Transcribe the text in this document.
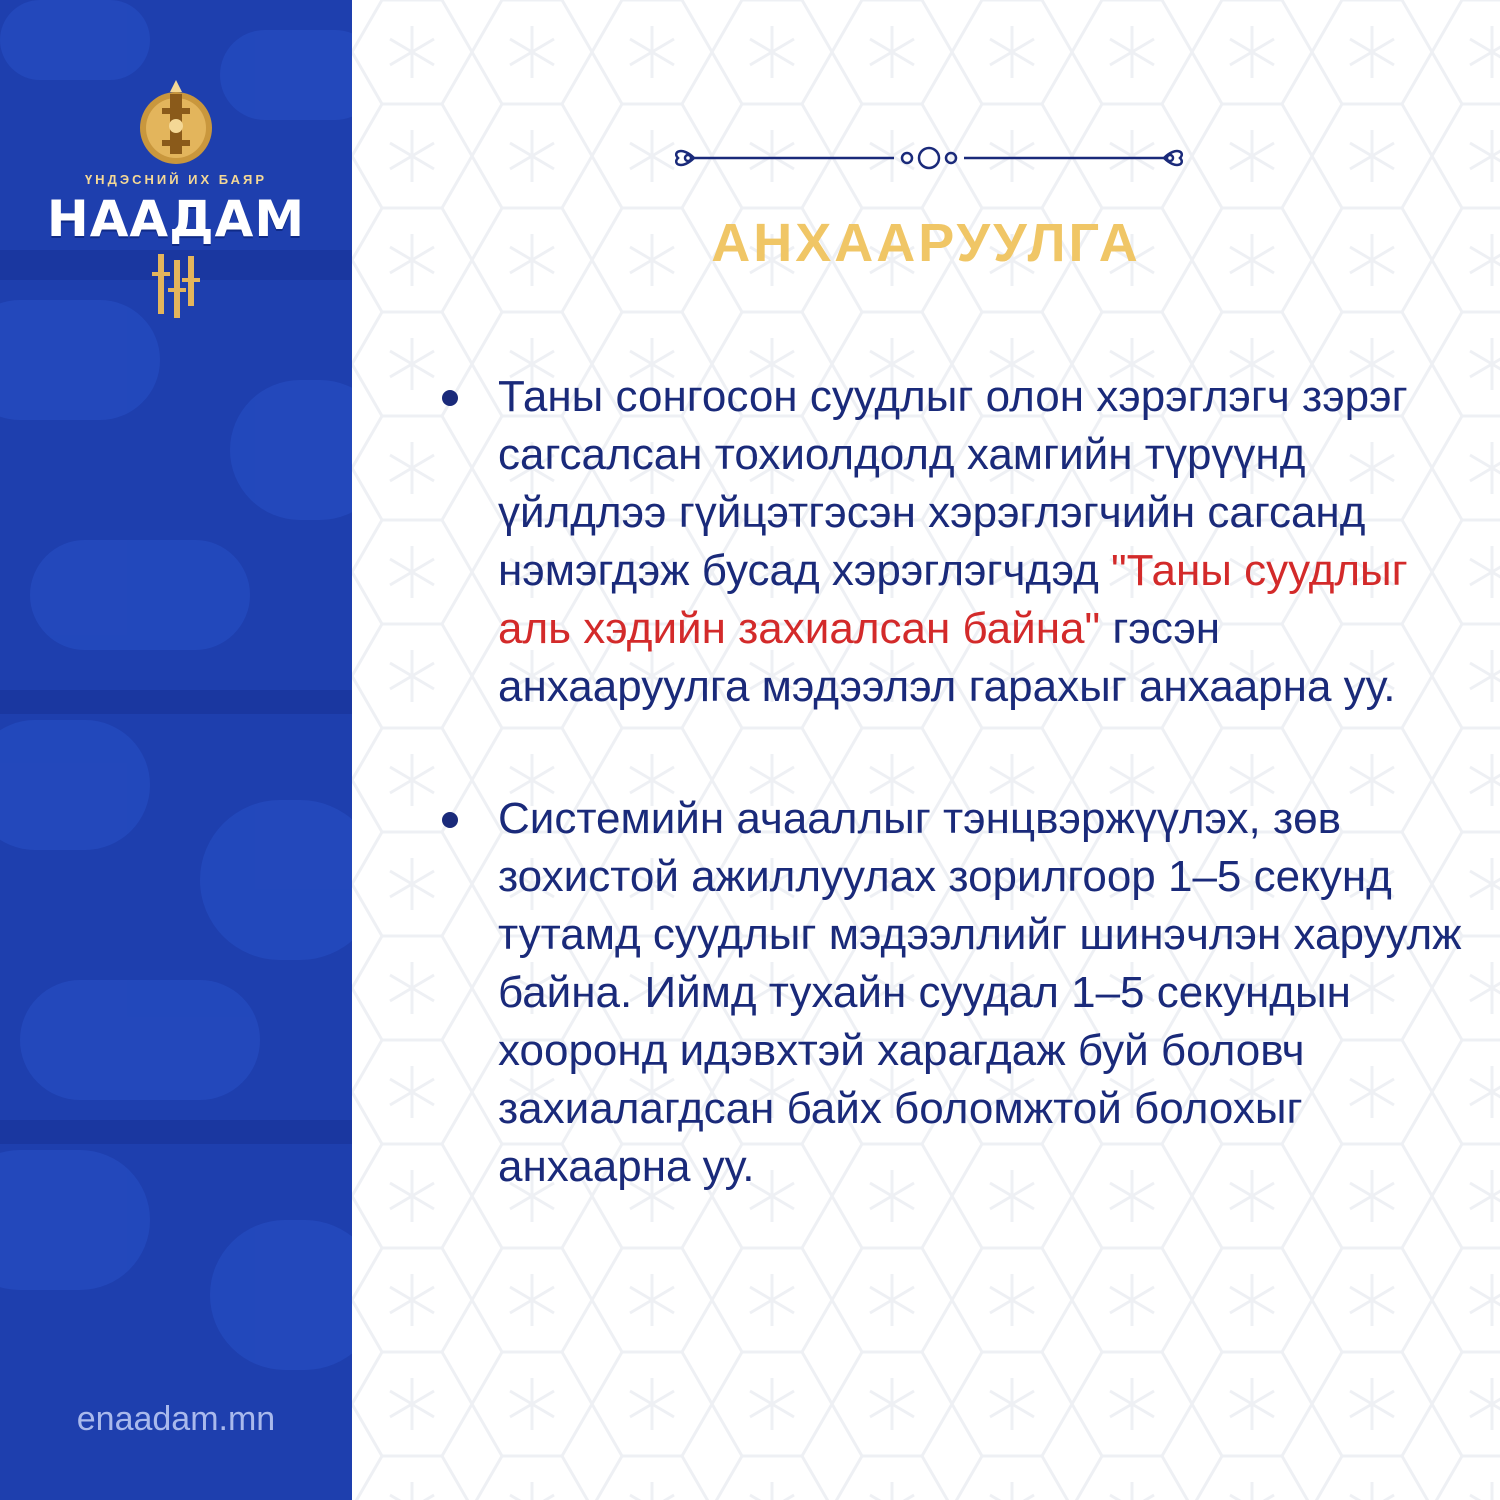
ҮНДЭСНИЙ ИХ БАЯР
НААДАМ
enaadam.mn
АНХААРУУЛГА
Таны сонгосон суудлыг олон хэрэглэгч зэрэг сагсалсан тохиолдолд хамгийн түрүүнд үйлдлээ гүйцэтгэсэн хэрэглэгчийн сагсанд нэмэгдэж бусад хэрэглэгчдэд "Таны суудлыг аль хэдийн захиалсан байна" гэсэн анхааруулга мэдээлэл гарахыг анхаарна уу.
Системийн ачааллыг тэнцвэржүүлэх, зөв зохистой ажиллуулах зорилгоор 1–5 секунд тутамд суудлыг мэдээллийг шинэчлэн харуулж байна. Иймд тухайн суудал 1–5 секундын хооронд идэвхтэй харагдаж буй боловч захиалагдсан байх боломжтой болохыг анхаарна уу.
